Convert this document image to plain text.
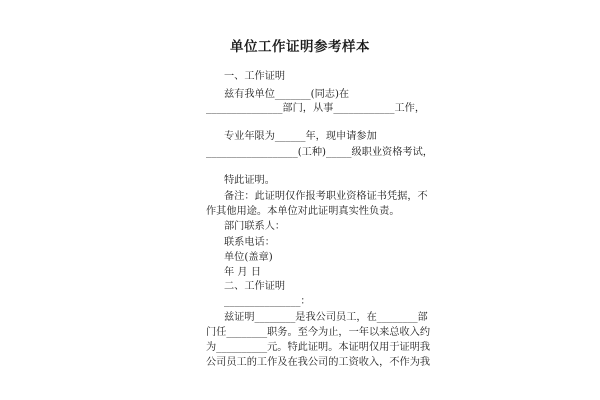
单位工作证明参考样本
一、工作证明
兹有我单位_______(同志)在
_______________部门，从事____________工作，
专业年限为______年，现申请参加
__________________(工种)_____级职业资格考试，
特此证明。
备注：此证明仅作报考职业资格证书凭据，不
作其他用途。本单位对此证明真实性负责。
部门联系人：
联系电话：
单位(盖章)
年 月 日
二、工作证明
_______________：
兹证明________是我公司员工，在________部
门任________职务。至今为止，一年以来总收入约
为__________元。特此证明。本证明仅用于证明我
公司员工的工作及在我公司的工资收入，不作为我
